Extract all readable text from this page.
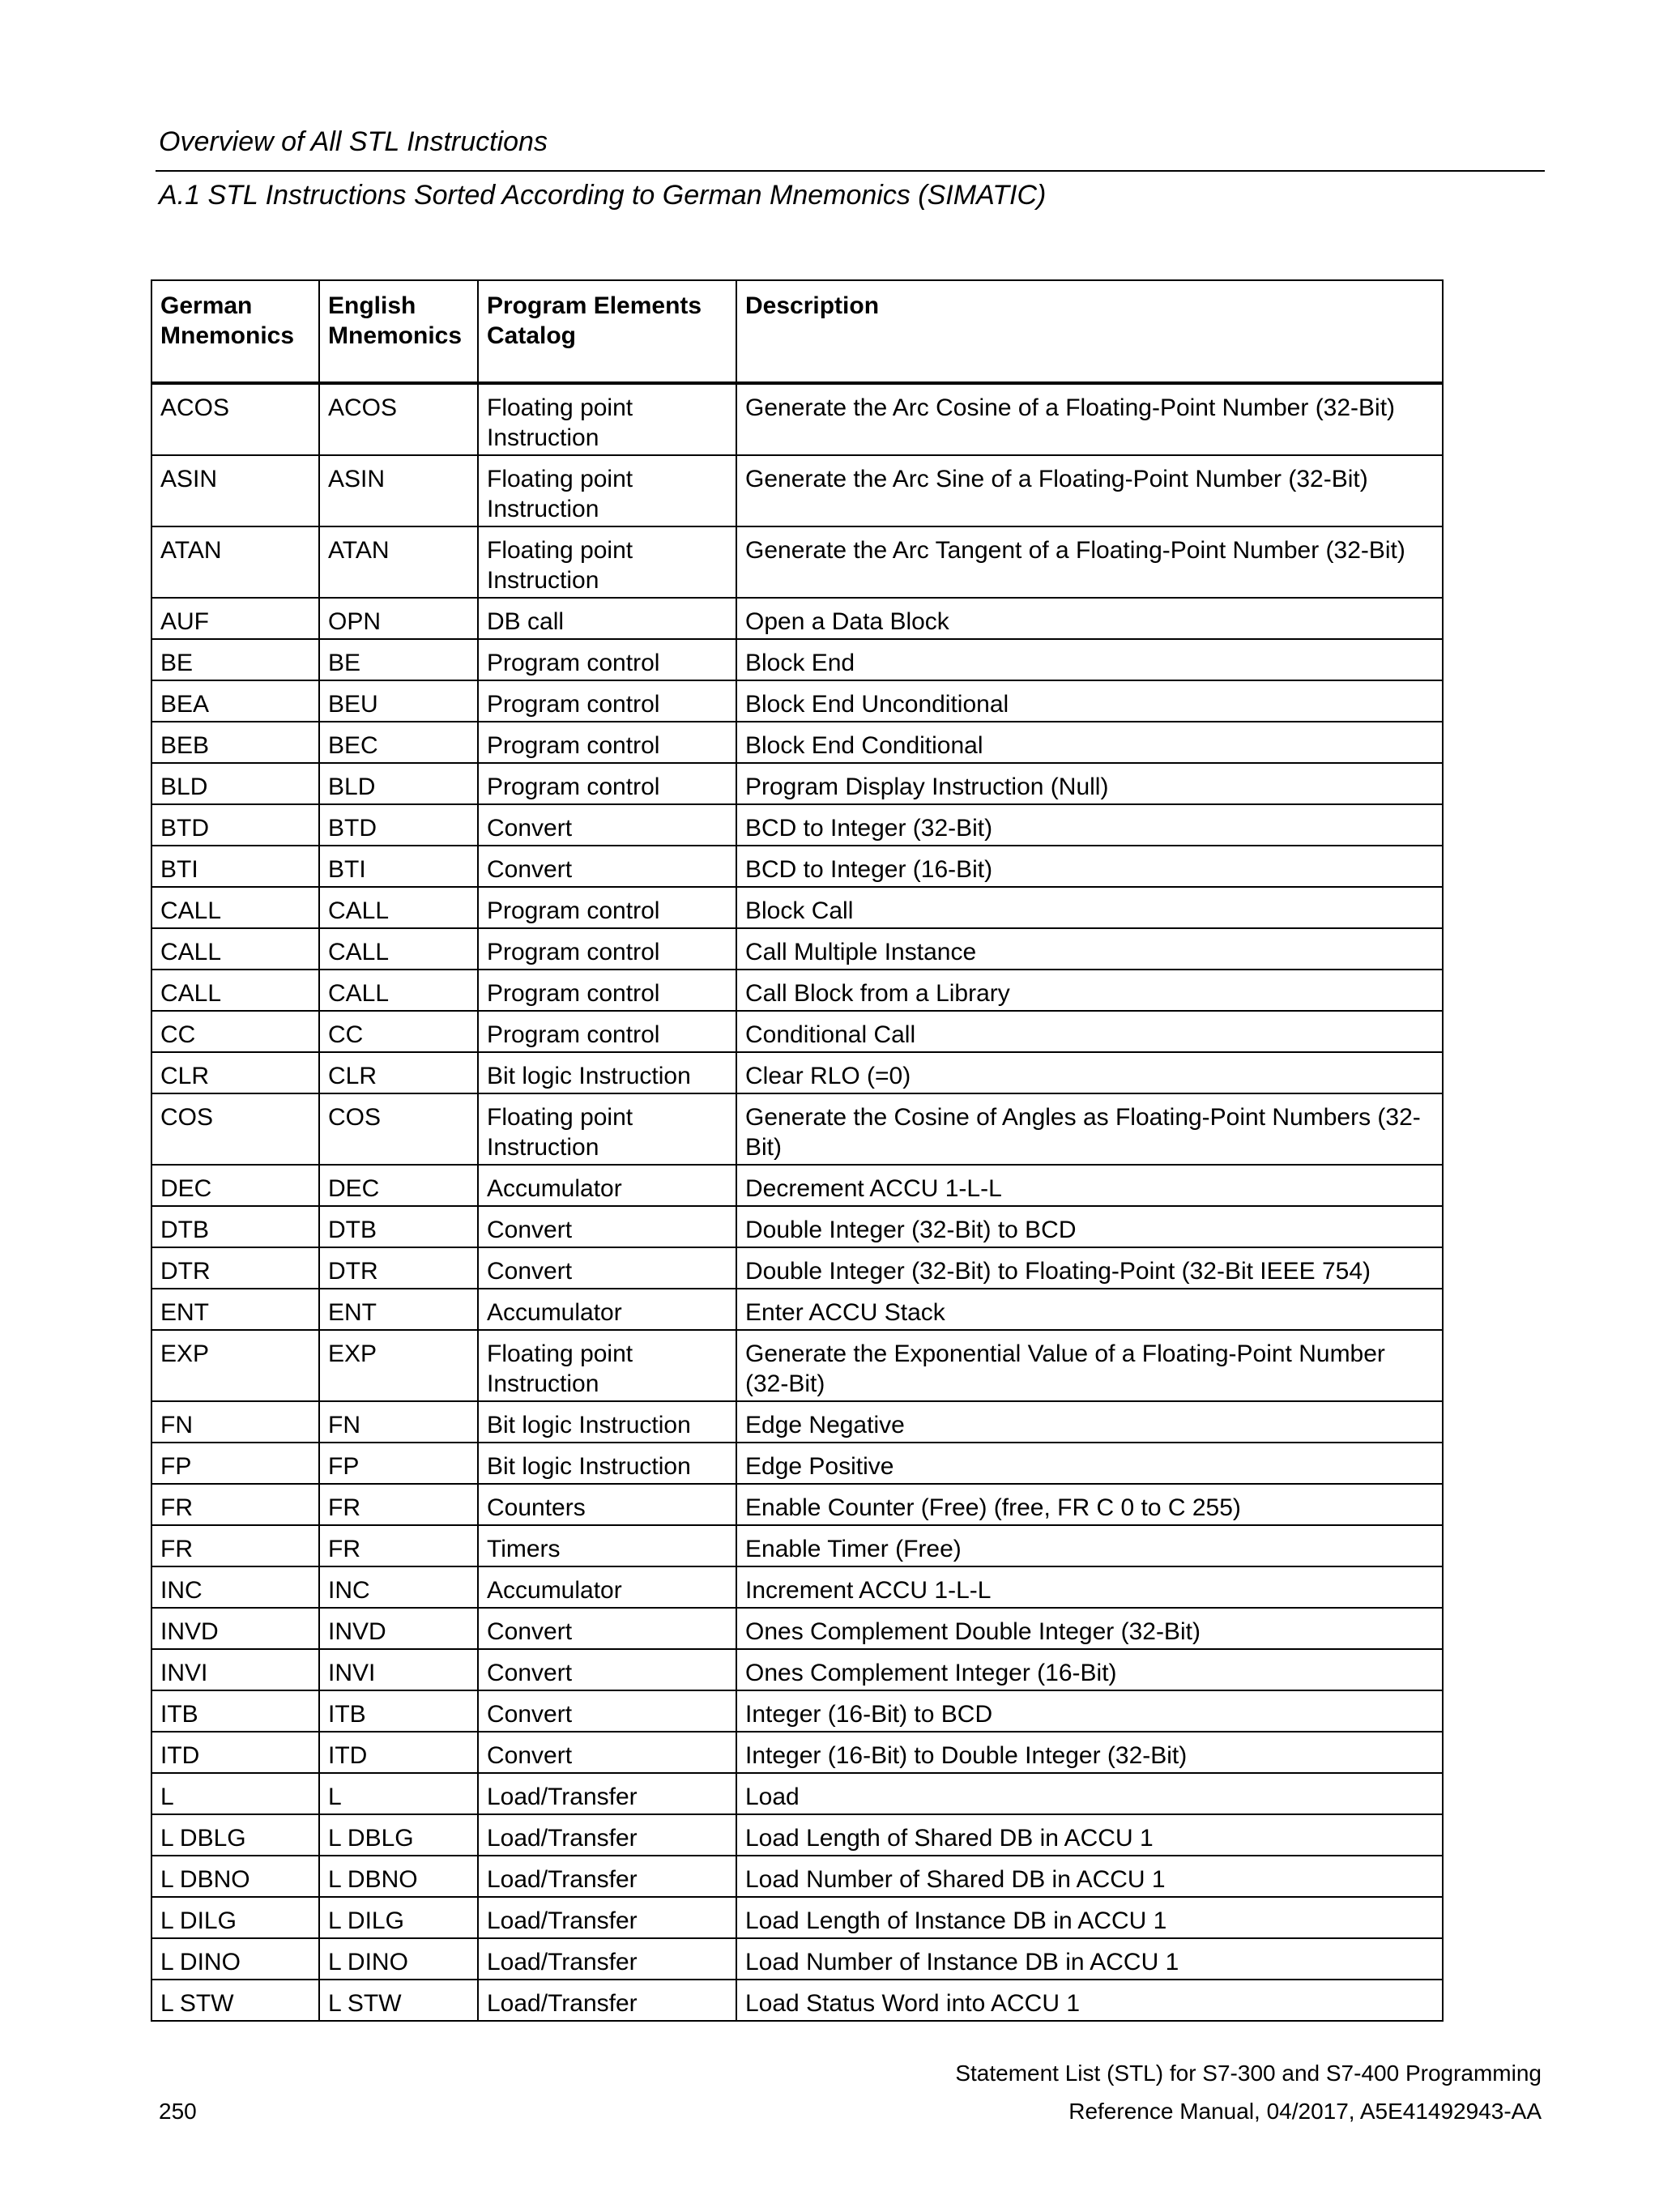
Overview of All STL Instructions
A.1 STL Instructions Sorted According to German Mnemonics (SIMATIC)
German Mnemonics	English Mnemonics	Program Elements Catalog	Description
ACOS	ACOS	Floating point Instruction	Generate the Arc Cosine of a Floating-Point Number (32-Bit)
ASIN	ASIN	Floating point Instruction	Generate the Arc Sine of a Floating-Point Number (32-Bit)
ATAN	ATAN	Floating point Instruction	Generate the Arc Tangent of a Floating-Point Number (32-Bit)
AUF	OPN	DB call	Open a Data Block
BE	BE	Program control	Block End
BEA	BEU	Program control	Block End Unconditional
BEB	BEC	Program control	Block End Conditional
BLD	BLD	Program control	Program Display Instruction (Null)
BTD	BTD	Convert	BCD to Integer (32-Bit)
BTI	BTI	Convert	BCD to Integer (16-Bit)
CALL	CALL	Program control	Block Call
CALL	CALL	Program control	Call Multiple Instance
CALL	CALL	Program control	Call Block from a Library
CC	CC	Program control	Conditional Call
CLR	CLR	Bit logic Instruction	Clear RLO (=0)
COS	COS	Floating point Instruction	Generate the Cosine of Angles as Floating-Point Numbers (32-Bit)
DEC	DEC	Accumulator	Decrement ACCU 1-L-L
DTB	DTB	Convert	Double Integer (32-Bit) to BCD
DTR	DTR	Convert	Double Integer (32-Bit) to Floating-Point (32-Bit IEEE 754)
ENT	ENT	Accumulator	Enter ACCU Stack
EXP	EXP	Floating point Instruction	Generate the Exponential Value of a Floating-Point Number (32-Bit)
FN	FN	Bit logic Instruction	Edge Negative
FP	FP	Bit logic Instruction	Edge Positive
FR	FR	Counters	Enable Counter (Free) (free, FR C 0 to C 255)
FR	FR	Timers	Enable Timer (Free)
INC	INC	Accumulator	Increment ACCU 1-L-L
INVD	INVD	Convert	Ones Complement Double Integer (32-Bit)
INVI	INVI	Convert	Ones Complement Integer (16-Bit)
ITB	ITB	Convert	Integer (16-Bit) to BCD
ITD	ITD	Convert	Integer (16-Bit) to Double Integer (32-Bit)
L	L	Load/Transfer	Load
L DBLG	L DBLG	Load/Transfer	Load Length of Shared DB in ACCU 1
L DBNO	L DBNO	Load/Transfer	Load Number of Shared DB in ACCU 1
L DILG	L DILG	Load/Transfer	Load Length of Instance DB in ACCU 1
L DINO	L DINO	Load/Transfer	Load Number of Instance DB in ACCU 1
L STW	L STW	Load/Transfer	Load Status Word into ACCU 1
Statement List (STL) for S7-300 and S7-400 Programming
Reference Manual, 04/2017, A5E41492943-AA
250
